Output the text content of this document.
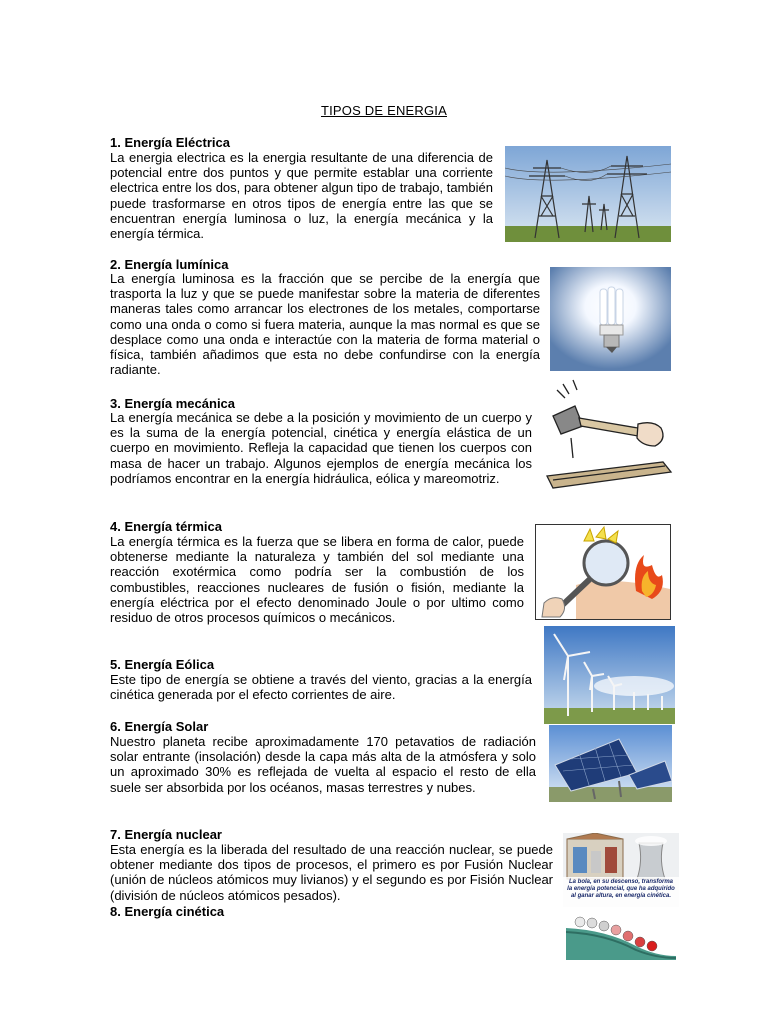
TIPOS DE ENERGIA
1. Energía Eléctrica

La energia electrica es la energia resultante de una diferencia de potencial entre dos puntos y que permite establar una corriente electrica entre los dos, para obtener algun tipo de trabajo, también puede trasformarse en otros tipos de energía entre las que se encuentran energía luminosa o luz, la energía mecánica y la energía térmica.

2. Energía lumínica

La energía luminosa es la fracción que se percibe de la energía que trasporta la luz y que se puede manifestar sobre la materia de diferentes maneras tales como arrancar los electrones de los metales, comportarse como una onda o como si fuera materia, aunque la mas normal es que se desplace como una onda e interactúe con la materia de forma material o física, también añadimos que esta no debe confundirse con la energía radiante.

3. Energía mecánica

La energía mecánica se debe a la posición y movimiento de un cuerpo y es la suma de la energía potencial, cinética y energía elástica de un cuerpo en movimiento. Refleja la capacidad que tienen los cuerpos con masa de hacer un trabajo. Algunos ejemplos de energía mecánica los podríamos encontrar en la energía hidráulica, eólica y mareomotriz.

4. Energía térmica

La energía térmica es la fuerza que se libera en forma de calor, puede obtenerse mediante la naturaleza y también del sol mediante una reacción exotérmica como podría ser la combustión de los combustibles, reacciones nucleares de fusión o fisión, mediante la energía eléctrica por el efecto denominado Joule o por ultimo como residuo de otros procesos químicos o mecánicos.

5. Energía Eólica

Este tipo de energía se obtiene a través del viento, gracias a la energía cinética generada por el efecto corrientes de aire.

6. Energía Solar

Nuestro planeta recibe aproximadamente 170 petavatios de radiación solar entrante (insolación) desde la capa más alta de la atmósfera y solo un aproximado 30% es reflejada de vuelta al espacio el resto de ella suele ser absorbida por los océanos, masas terrestres y nubes.

7. Energía nuclear

Esta energía es la liberada del resultado de una reacción nuclear, se puede obtener mediante dos tipos de procesos, el primero es por Fusión Nuclear (unión de núcleos atómicos muy livianos) y el segundo es por Fisión Nuclear (división de núcleos atómicos pesados).

La bola, en su descenso, transforma la energía potencial, que ha adquirido al ganar altura, en energía cinética.
8. Energía cinética
